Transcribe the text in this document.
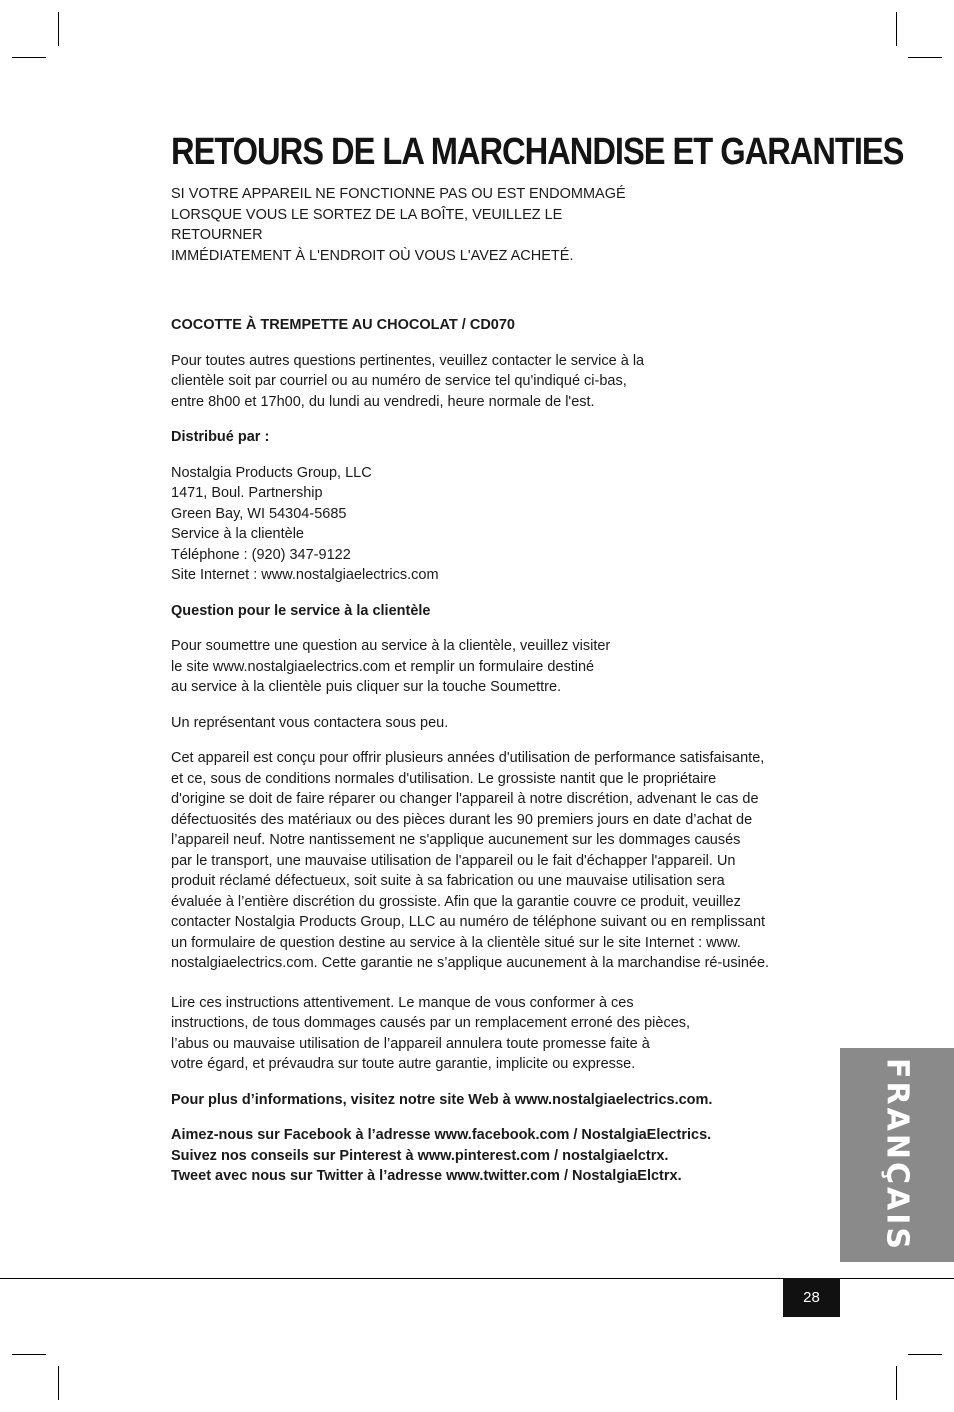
RETOURS DE LA MARCHANDISE ET GARANTIES

SI VOTRE APPAREIL NE FONCTIONNE PAS OU EST ENDOMMAGÉ
LORSQUE VOUS LE SORTEZ DE LA BOÎTE, VEUILLEZ LE RETOURNER
IMMÉDIATEMENT À L'ENDROIT OÙ VOUS L'AVEZ ACHETÉ.

COCOTTE À TREMPETTE AU CHOCOLAT / CD070

Pour toutes autres questions pertinentes, veuillez contacter le service à la
clientèle soit par courriel ou au numéro de service tel qu'indiqué ci-bas,
entre 8h00 et 17h00, du lundi au vendredi, heure normale de l'est.

Distribué par :

Nostalgia Products Group, LLC
1471, Boul. Partnership
Green Bay, WI 54304-5685
Service à la clientèle
Téléphone : (920) 347-9122
Site Internet : www.nostalgiaelectrics.com

Question pour le service à la clientèle

Pour soumettre une question au service à la clientèle, veuillez visiter
le site www.nostalgiaelectrics.com et remplir un formulaire destiné
au service à la clientèle puis cliquer sur la touche Soumettre.

Un représentant vous contactera sous peu.

Cet appareil est conçu pour offrir plusieurs années d'utilisation de performance satisfaisante,
et ce, sous de conditions normales d'utilisation. Le grossiste nantit que le propriétaire
d'origine se doit de faire réparer ou changer l'appareil à notre discrétion, advenant le cas de
défectuosités des matériaux ou des pièces durant les 90 premiers jours en date d’achat de
l’appareil neuf. Notre nantissement ne s'applique aucunement sur les dommages causés
par le transport, une mauvaise utilisation de l'appareil ou le fait d'échapper l'appareil. Un
produit réclamé défectueux, soit suite à sa fabrication ou une mauvaise utilisation sera
évaluée à l’entière discrétion du grossiste. Afin que la garantie couvre ce produit, veuillez
contacter Nostalgia Products Group, LLC au numéro de téléphone suivant ou en remplissant
un formulaire de question destine au service à la clientèle situé sur le site Internet : www.
nostalgiaelectrics.com. Cette garantie ne s’applique aucunement à la marchandise ré-usinée.

Lire ces instructions attentivement. Le manque de vous conformer à ces
instructions, de tous dommages causés par un remplacement erroné des pièces,
l’abus ou mauvaise utilisation de l’appareil annulera toute promesse faite à
votre égard, et prévaudra sur toute autre garantie, implicite ou expresse.

Pour plus d’informations, visitez notre site Web à www.nostalgiaelectrics.com.

Aimez-nous sur Facebook à l’adresse www.facebook.com / NostalgiaElectrics.
Suivez nos conseils sur Pinterest à www.pinterest.com / nostalgiaelctrx.
Tweet avec nous sur Twitter à l’adresse www.twitter.com / NostalgiaElctrx.	FRANÇAIS
28
